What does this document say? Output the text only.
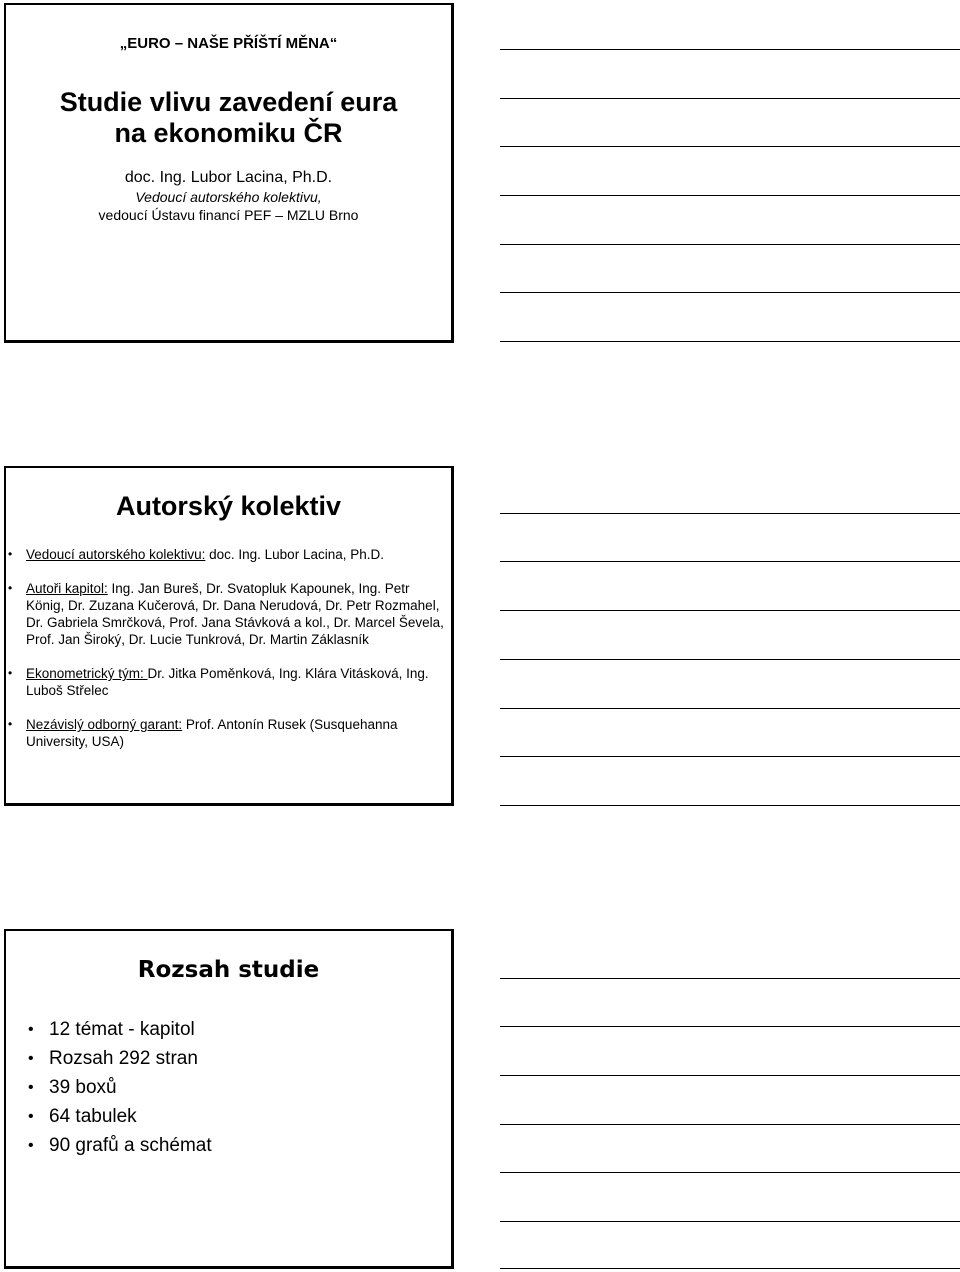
„EURO – NAŠE PŘÍŠTÍ MĚNA“
Studie vlivu zavedení eura
na ekonomiku ČR
doc. Ing. Lubor Lacina, Ph.D.
Vedoucí autorského kolektivu,
vedoucí Ústavu financí PEF – MZLU Brno
Autorský kolektiv
• Vedoucí autorského kolektivu: doc. Ing. Lubor Lacina, Ph.D.
• Autoři kapitol: Ing. Jan Bureš, Dr. Svatopluk Kapounek, Ing. Petr König, Dr. Zuzana Kučerová, Dr. Dana Nerudová, Dr. Petr Rozmahel, Dr. Gabriela Smrčková, Prof. Jana Stávková a kol., Dr. Marcel Ševela, Prof. Jan Široký, Dr. Lucie Tunkrová, Dr. Martin Záklasník
• Ekonometrický tým: Dr. Jitka Poměnková, Ing. Klára Vitásková, Ing. Luboš Střelec
• Nezávislý odborný garant: Prof. Antonín Rusek (Susquehanna University, USA)
Rozsah studie
• 12 témat - kapitol
• Rozsah 292 stran
• 39 boxů
• 64 tabulek
• 90 grafů a schémat
